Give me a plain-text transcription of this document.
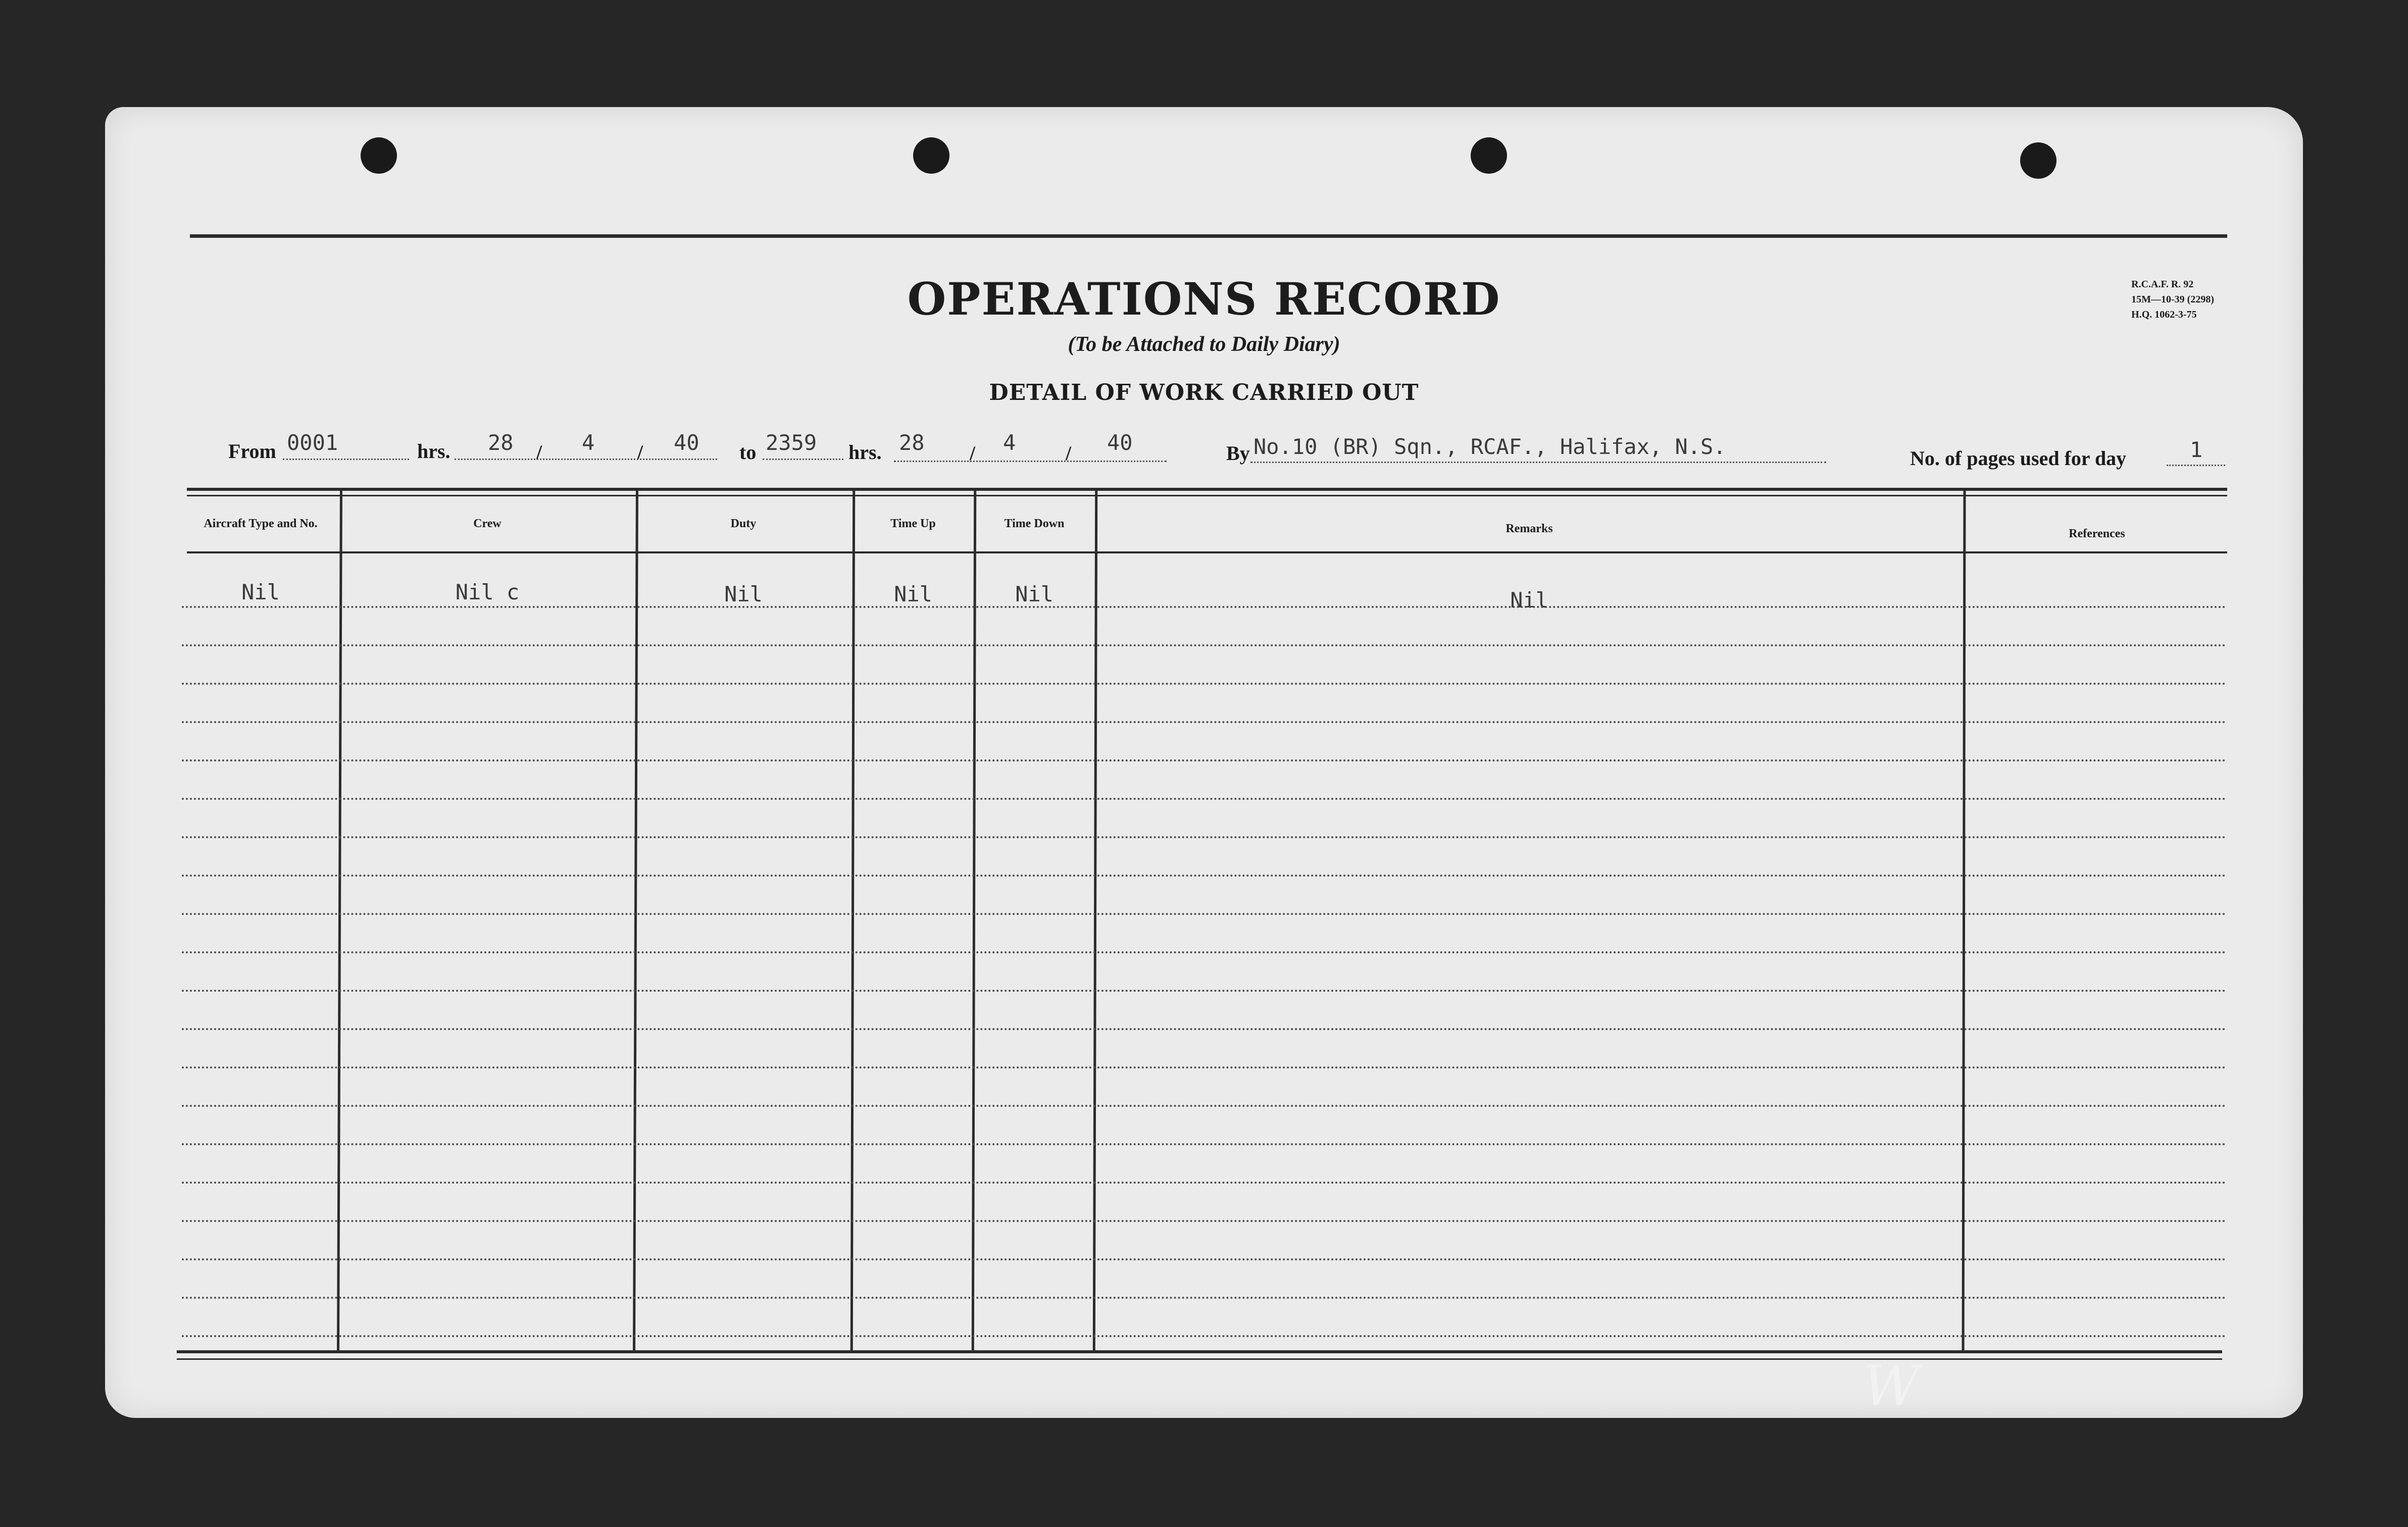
OPERATIONS RECORD
(To be Attached to Daily Diary)
DETAIL OF WORK CARRIED OUT
R.C.A.F. R. 92
15M—10-39 (2298)
H.Q. 1062-3-75
From 0001	hrs. 28 / 4 / 40 to 2359 hrs. 28 / 4 / 40	By No.10 (BR) Sqn., RCAF., Halifax, N.S.	No. of pages used for day	1
Aircraft Type and No.	Crew	Duty	Time Up	Time Down	Remarks	References
Nil	Nil c	Nil	Nil	Nil	Nil
W
